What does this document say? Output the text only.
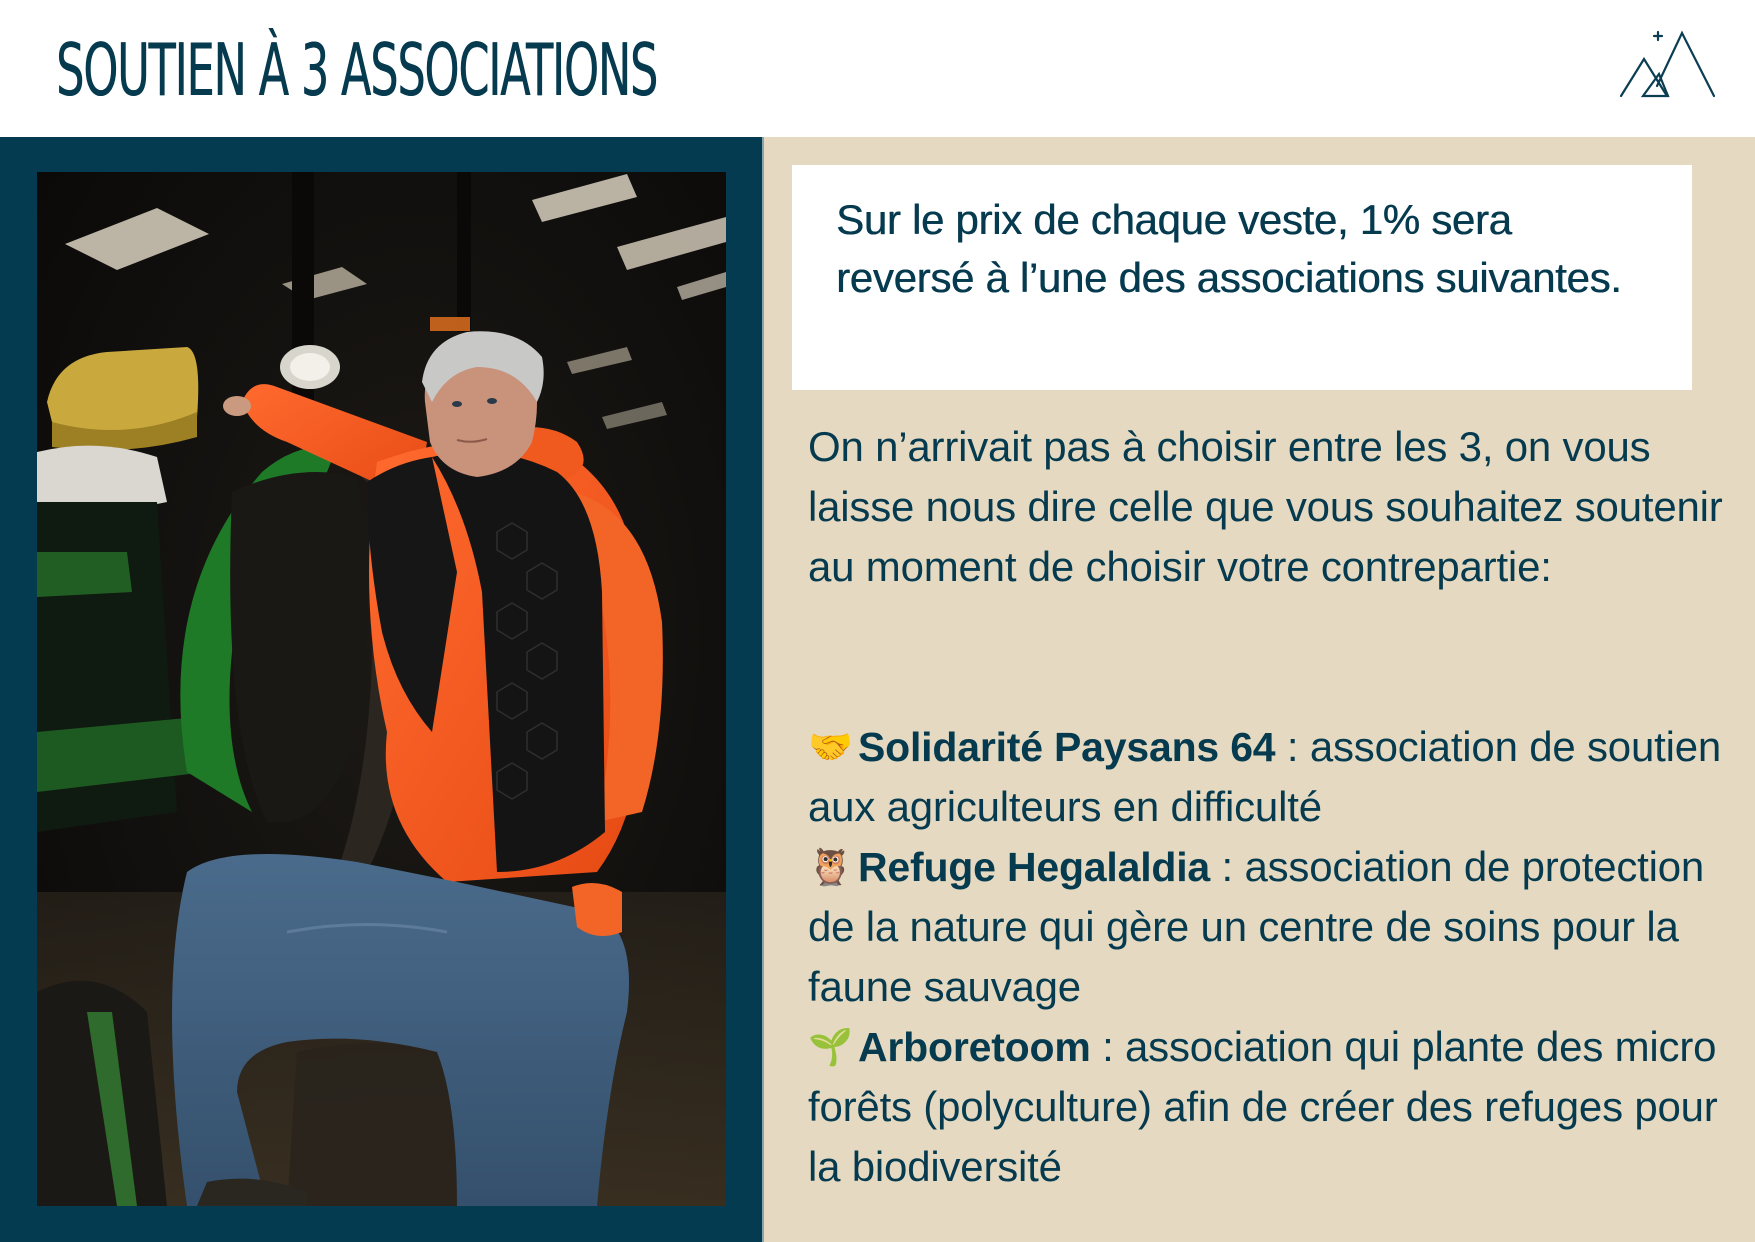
SOUTIEN À 3 ASSOCIATIONS

Sur le prix de chaque veste, 1% sera reversé à l’une des associations suivantes.

On n’arrivait pas à choisir entre les 3, on vous laisse nous dire celle que vous souhaitez soutenir au moment de choisir votre contrepartie:

🤝 Solidarité Paysans 64 : association de soutien aux agriculteurs en difficulté
🦉 Refuge Hegalaldia : association de protection de la nature qui gère un centre de soins pour la faune sauvage
🌱 Arboretoom : association qui plante des micro forêts (polyculture) afin de créer des refuges pour la biodiversité
